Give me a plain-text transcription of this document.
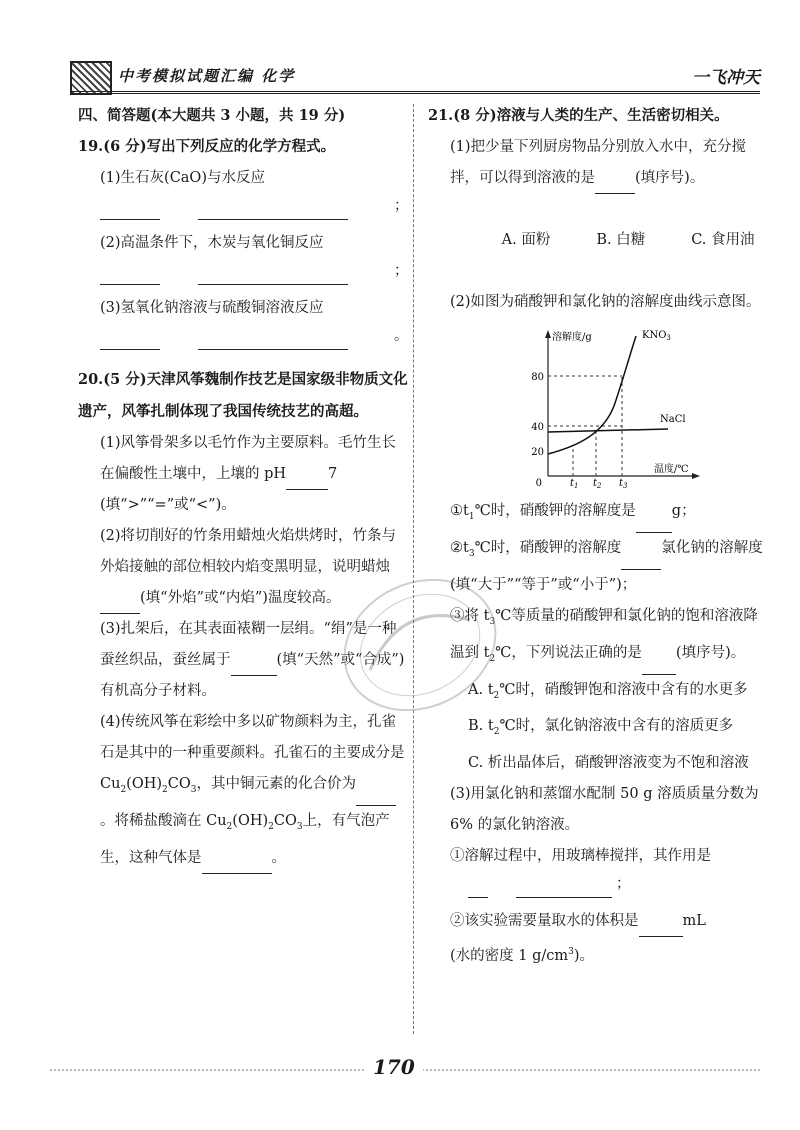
中考模拟试题汇编 化学	一飞冲天

四、简答题(本大题共 3 小题，共 19 分)

19.(6 分)写出下列反应的化学方程式。

(1)生石灰(CaO)与水反应

；

(2)高温条件下，木炭与氧化铜反应

；

(3)氢氧化钠溶液与硫酸铜溶液反应

。

20.(5 分)天津风筝魏制作技艺是国家级非物质文化遗产，风筝扎制体现了我国传统技艺的高超。

(1)风筝骨架多以毛竹作为主要原料。毛竹生长在偏酸性土壤中，上壤的 pH	7
(填“>”“=”或“<”)。

(2)将切削好的竹条用蜡烛火焰烘烤时，竹条与外焰接触的部位相较内焰变黑明显，说明蜡烛(填“外焰”或“内焰”)温度较高。

(3)扎架后，在其表面裱糊一层绢。“绢”是一种蚕丝织品，蚕丝属于	(填“天然”或“合成”)有机高分子材料。

(4)传统风筝在彩绘中多以矿物颜料为主，孔雀石是其中的一种重要颜料。孔雀石的主要成分是 $Cu_2(OH)_2CO_3$，其中铜元素的化合价为。将稀盐酸滴在 $Cu_2(OH)_2CO_3$上，有气泡产生，这种气体是	。

21.(8 分)溶液与人类的生产、生活密切相关。

(1)把少量下列厨房物品分别放入水中，充分搅拌，可以得到溶液的是	(填序号)。

A. 面粉	B. 白糖	C. 食用油

(2)如图为硝酸钾和氯化钠的溶解度曲线示意图。

80
40
20
0	$t_1$ $t_2$ $t_3$
溶解度/g
温度/℃
$KNO_3$
NaCl

$①t_1℃$时，硝酸钾的溶解度是 g；

$②t_3℃$时，硝酸钾的溶解度	氯化钠的溶解度(填“大于”“等于”或“小于”)；

③将 $t_3℃$等质量的硝酸钾和氯化钠的饱和溶液降温到 $t_2℃$，下列说法正确的是 (填序号)。

A. $t_2℃$时，硝酸钾饱和溶液中含有的水更多

B. $t_2℃$时，氯化钠溶液中含有的溶质更多

C. 析出晶体后，硝酸钾溶液变为不饱和溶液

(3)用氯化钠和蒸馏水配制 50 g 溶质质量分数为 6% 的氯化钠溶液。

①溶解过程中，用玻璃棒搅拌，其作用是

；

②该实验需要量取水的体积是	mL
(水的密度 1 $g/cm^3$)。

170
